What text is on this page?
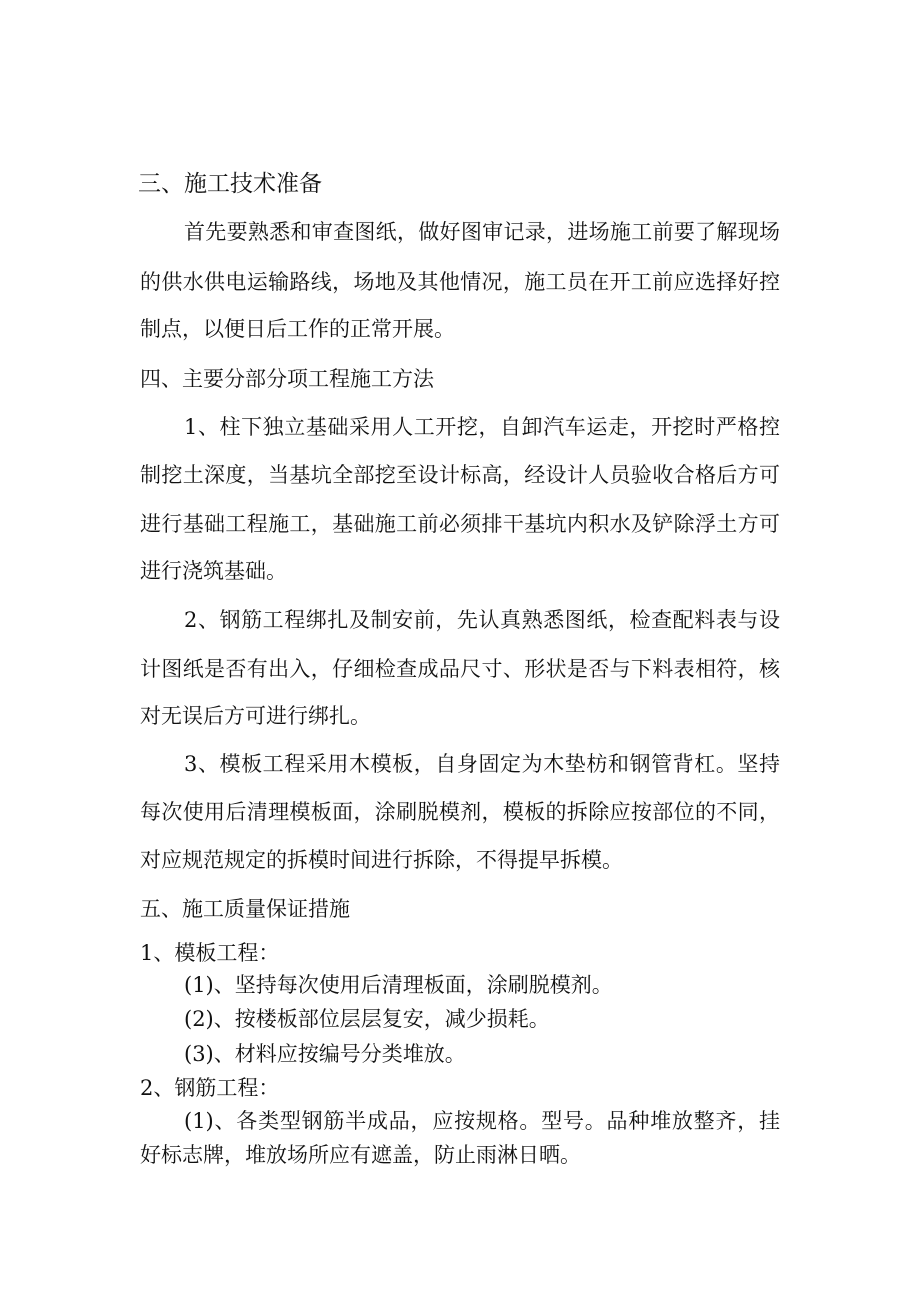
三、施工技术准备
首先要熟悉和审查图纸，做好图审记录，进场施工前要了解现场
的供水供电运输路线，场地及其他情况，施工员在开工前应选择好控
制点，以便日后工作的正常开展。
四、主要分部分项工程施工方法
1、柱下独立基础采用人工开挖，自卸汽车运走，开挖时严格控
制挖土深度，当基坑全部挖至设计标高，经设计人员验收合格后方可
进行基础工程施工，基础施工前必须排干基坑内积水及铲除浮土方可
进行浇筑基础。
2、钢筋工程绑扎及制安前，先认真熟悉图纸，检查配料表与设
计图纸是否有出入，仔细检查成品尺寸、形状是否与下料表相符，核
对无误后方可进行绑扎。
3、模板工程采用木模板，自身固定为木垫枋和钢管背杠。坚持
每次使用后清理模板面，涂刷脱模剂，模板的拆除应按部位的不同，
对应规范规定的拆模时间进行拆除，不得提早拆模。
五、施工质量保证措施
1、模板工程：
(1)、坚持每次使用后清理板面，涂刷脱模剂。
(2)、按楼板部位层层复安，减少损耗。
(3)、材料应按编号分类堆放。
2、钢筋工程：
(1)、各类型钢筋半成品，应按规格。型号。品种堆放整齐，挂
好标志牌，堆放场所应有遮盖，防止雨淋日晒。
